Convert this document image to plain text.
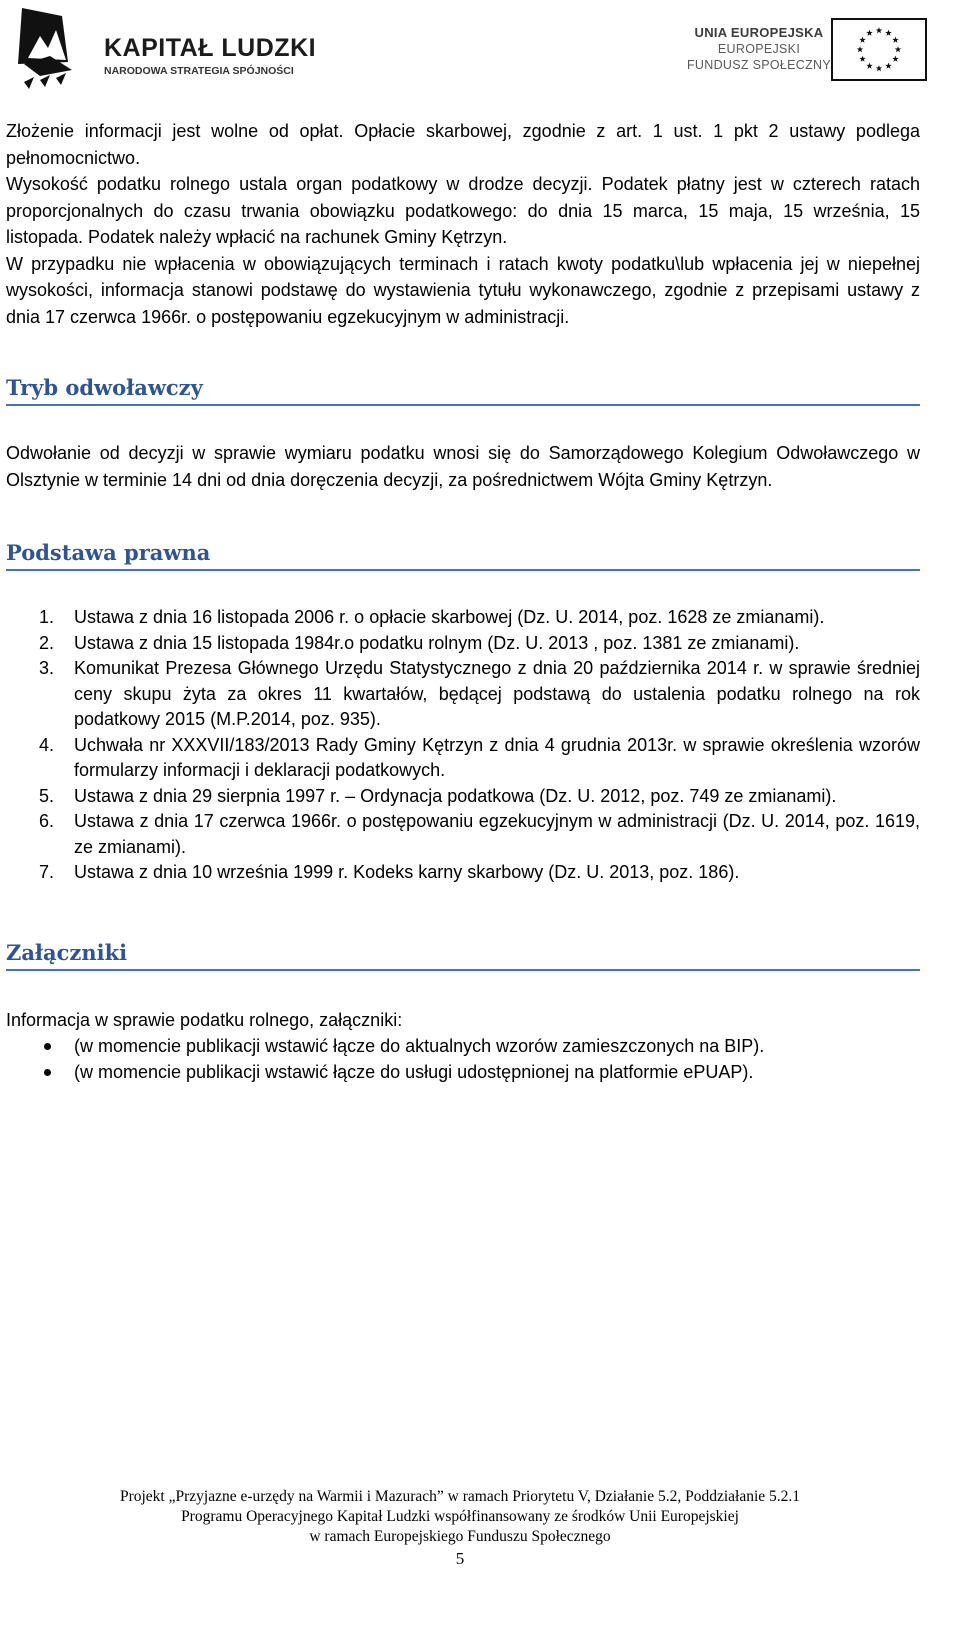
KAPITAŁ LUDZKI
NARODOWA STRATEGIA SPÓJNOŚCI
UNIA EUROPEJSKA
EUROPEJSKI
FUNDUSZ SPOŁECZNY

Złożenie informacji jest wolne od opłat. Opłacie skarbowej, zgodnie z art. 1 ust. 1 pkt 2 ustawy podlega pełnomocnictwo.

Wysokość podatku rolnego ustala organ podatkowy w drodze decyzji. Podatek płatny jest w czterech ratach proporcjonalnych do czasu trwania obowiązku podatkowego: do dnia 15 marca, 15 maja, 15 września, 15 listopada. Podatek należy wpłacić na rachunek Gminy Kętrzyn.

W przypadku nie wpłacenia w obowiązujących terminach i ratach kwoty podatku\lub wpłacenia jej w niepełnej wysokości, informacja stanowi podstawę do wystawienia tytułu wykonawczego, zgodnie z przepisami ustawy z dnia 17 czerwca 1966r. o postępowaniu egzekucyjnym w administracji.

Tryb odwoławczy

Odwołanie od decyzji w sprawie wymiaru podatku wnosi się do Samorządowego Kolegium Odwoławczego w Olsztynie w terminie 14 dni od dnia doręczenia decyzji, za pośrednictwem Wójta Gminy Kętrzyn.

Podstawa prawna
1. Ustawa z dnia 16 listopada 2006 r. o opłacie skarbowej (Dz. U. 2014, poz. 1628 ze zmianami).
2. Ustawa z dnia 15 listopada 1984r.o podatku rolnym (Dz. U. 2013 , poz. 1381 ze zmianami).
3. Komunikat Prezesa Głównego Urzędu Statystycznego z dnia 20 października 2014 r. w sprawie średniej ceny skupu żyta za okres 11 kwartałów, będącej podstawą do ustalenia podatku rolnego na rok podatkowy 2015 (M.P.2014, poz. 935).
4. Uchwała nr XXXVII/183/2013 Rady Gminy Kętrzyn z dnia 4 grudnia 2013r. w sprawie określenia wzorów formularzy informacji i deklaracji podatkowych.
5. Ustawa z dnia 29 sierpnia 1997 r. – Ordynacja podatkowa (Dz. U. 2012, poz. 749 ze zmianami).
6. Ustawa z dnia 17 czerwca 1966r. o postępowaniu egzekucyjnym w administracji (Dz. U. 2014, poz. 1619, ze zmianami).
7. Ustawa z dnia 10 września 1999 r. Kodeks karny skarbowy (Dz. U. 2013, poz. 186).
Załączniki

Informacja w sprawie podatku rolnego, załączniki:

(w momencie publikacji wstawić łącze do aktualnych wzorów zamieszczonych na BIP).
(w momencie publikacji wstawić łącze do usługi udostępnionej na platformie ePUAP).
Projekt „Przyjazne e-urzędy na Warmii i Mazurach” w ramach Priorytetu V, Działanie 5.2, Poddziałanie 5.2.1
Programu Operacyjnego Kapitał Ludzki współfinansowany ze środków Unii Europejskiej
w ramach Europejskiego Funduszu Społecznego
5
